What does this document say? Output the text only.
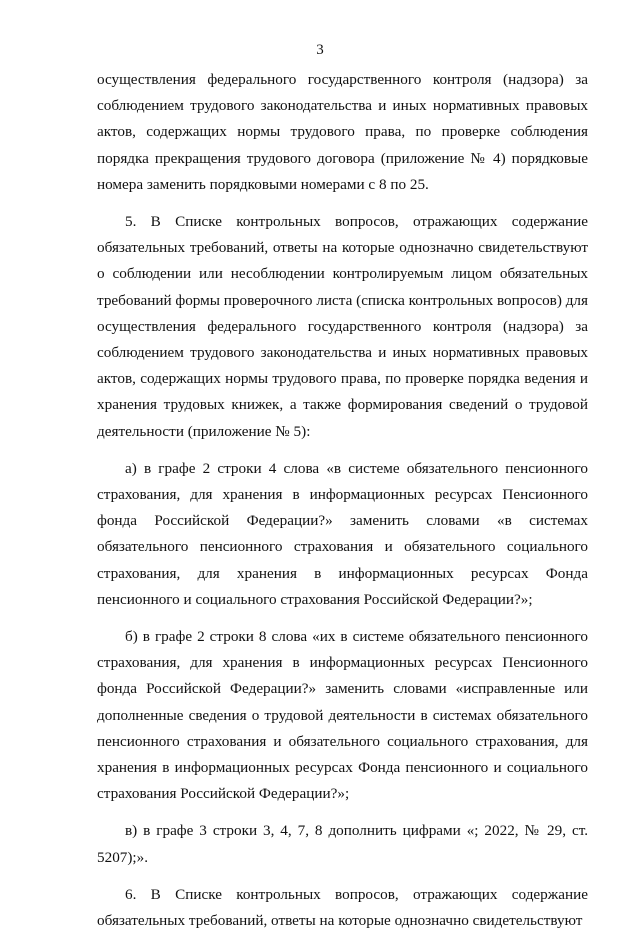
3

осуществления федерального государственного контроля (надзора) за соблюдением трудового законодательства и иных нормативных правовых актов, содержащих нормы трудового права, по проверке соблюдения порядка прекращения трудового договора (приложение № 4) порядковые номера заменить порядковыми номерами с 8 по 25.

5. В Списке контрольных вопросов, отражающих содержание обязательных требований, ответы на которые однозначно свидетельствуют о соблюдении или несоблюдении контролируемым лицом обязательных требований формы проверочного листа (списка контрольных вопросов) для осуществления федерального государственного контроля (надзора) за соблюдением трудового законодательства и иных нормативных правовых актов, содержащих нормы трудового права, по проверке порядка ведения и хранения трудовых книжек, а также формирования сведений о трудовой деятельности (приложение № 5):

а) в графе 2 строки 4 слова «в системе обязательного пенсионного страхования, для хранения в информационных ресурсах Пенсионного фонда Российской Федерации?» заменить словами «в системах обязательного пенсионного страхования и обязательного социального страхования, для хранения в информационных ресурсах Фонда пенсионного и социального страхования Российской Федерации?»;

б) в графе 2 строки 8 слова «их в системе обязательного пенсионного страхования, для хранения в информационных ресурсах Пенсионного фонда Российской Федерации?» заменить словами «исправленные или дополненные сведения о трудовой деятельности в системах обязательного пенсионного страхования и обязательного социального страхования, для хранения в информационных ресурсах Фонда пенсионного и социального страхования Российской Федерации?»;

в) в графе 3 строки 3, 4, 7, 8 дополнить цифрами «; 2022, № 29, ст. 5207);».

6. В Списке контрольных вопросов, отражающих содержание обязательных требований, ответы на которые однозначно свидетельствуют
